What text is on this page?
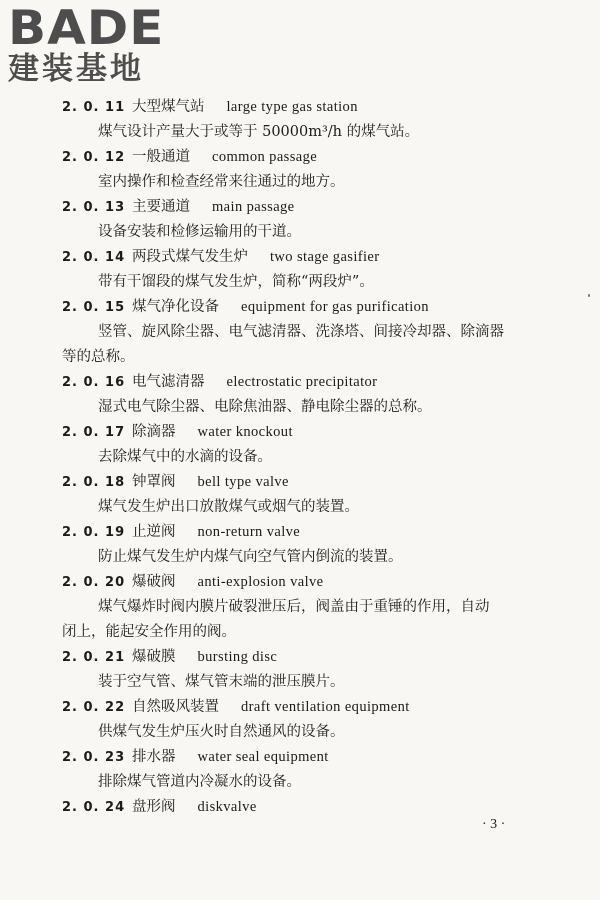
BADE
建装基地
2. 0. 11 大型煤气站 large type gas station
煤气设计产量大于或等于 50000m³/h 的煤气站。
2. 0. 12 一般通道 common passage
室内操作和检查经常来往通过的地方。
2. 0. 13 主要通道 main passage
设备安装和检修运输用的干道。
2. 0. 14 两段式煤气发生炉 two stage gasifier
带有干馏段的煤气发生炉，简称“两段炉”。
2. 0. 15 煤气净化设备 equipment for gas purification
竖管、旋风除尘器、电气滤清器、洗涤塔、间接冷却器、除滴器
等的总称。
2. 0. 16 电气滤清器 electrostatic precipitator
湿式电气除尘器、电除焦油器、静电除尘器的总称。
2. 0. 17 除滴器 water knockout
去除煤气中的水滴的设备。
2. 0. 18 钟罩阀 bell type valve
煤气发生炉出口放散煤气或烟气的装置。
2. 0. 19 止逆阀 non-return valve
防止煤气发生炉内煤气向空气管内倒流的装置。
2. 0. 20 爆破阀 anti-explosion valve
煤气爆炸时阀内膜片破裂泄压后，阀盖由于重锤的作用，自动
闭上，能起安全作用的阀。
2. 0. 21 爆破膜 bursting disc
装于空气管、煤气管末端的泄压膜片。
2. 0. 22 自然吸风装置 draft ventilation equipment
供煤气发生炉压火时自然通风的设备。
2. 0. 23 排水器 water seal equipment
排除煤气管道内冷凝水的设备。
2. 0. 24 盘形阀 diskvalve
· 3 ·
